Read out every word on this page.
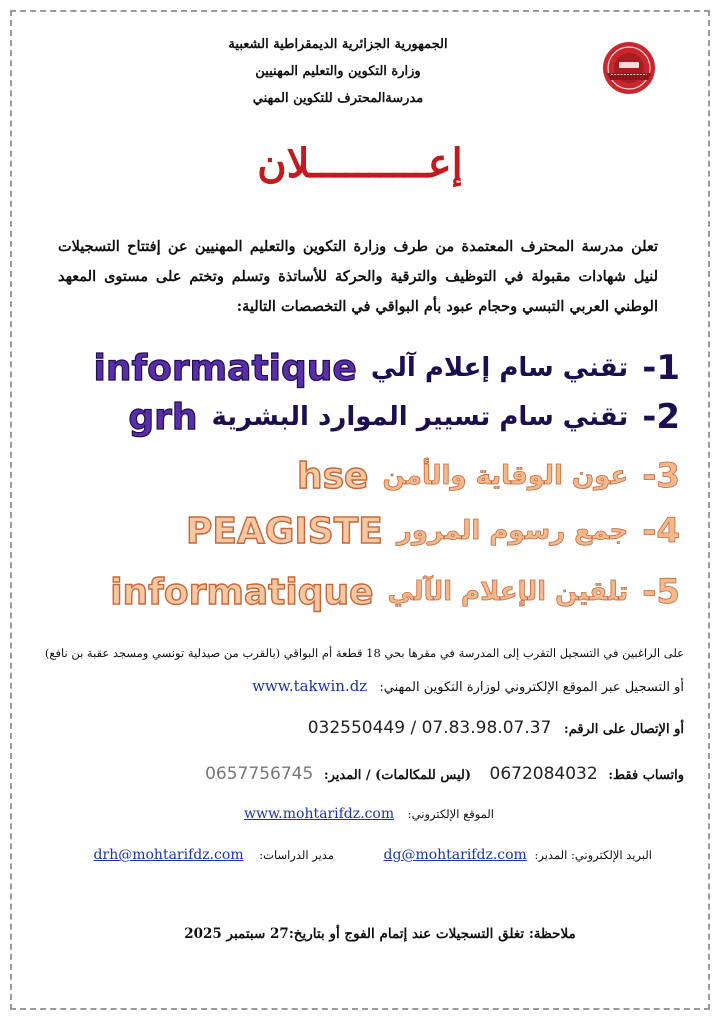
الجمهورية الجزائرية الديمقراطية الشعبية
وزارة التكوين والتعليم المهنيين
مدرسةالمحترف للتكوين المهني
إعــــــــــلان
تعلن مدرسة المحترف المعتمدة من طرف وزارة التكوين والتعليم المهنيين عن إفتتاح التسجيلات لنيل شهادات مقبولة في التوظيف والترقية والحركة للأساتذة وتسلم وتختم على مستوى المعهد الوطني العربي التبسي وحجام عبود بأم البواقي في التخصصات التالية:
1-
تقني سام إعلام آلي
informatique
2-
تقني سام تسيير الموارد البشرية
grh
3-
عون الوقاية والأمن
hse
4-
جمع رسوم المرور
PEAGISTE
5-
تلقين الإعلام الآلي
informatique
على الراغبين في التسجيل التقرب إلى المدرسة في مقرها بحي 18 قطعة أم البواقي (بالقرب من صيدلية تونسي ومسجد عقبة بن نافع)
أو التسجيل عبر الموقع الإلكتروني لوزارة التكوين المهني: www.takwin.dz
أو الإتصال على الرقم: 032550449 / 07.83.98.07.37
واتساب فقط: 0672084032 (ليس للمكالمات) / المدير: 0657756745
الموقع الإلكتروني: www.mohtarifdz.com
البريد الإلكتروني: المدير: dg@mohtarifdz.com
مدير الدراسات: drh@mohtarifdz.com
ملاحظة: تغلق التسجيلات عند إتمام الفوج أو بتاريخ:27 سبتمبر 2025
